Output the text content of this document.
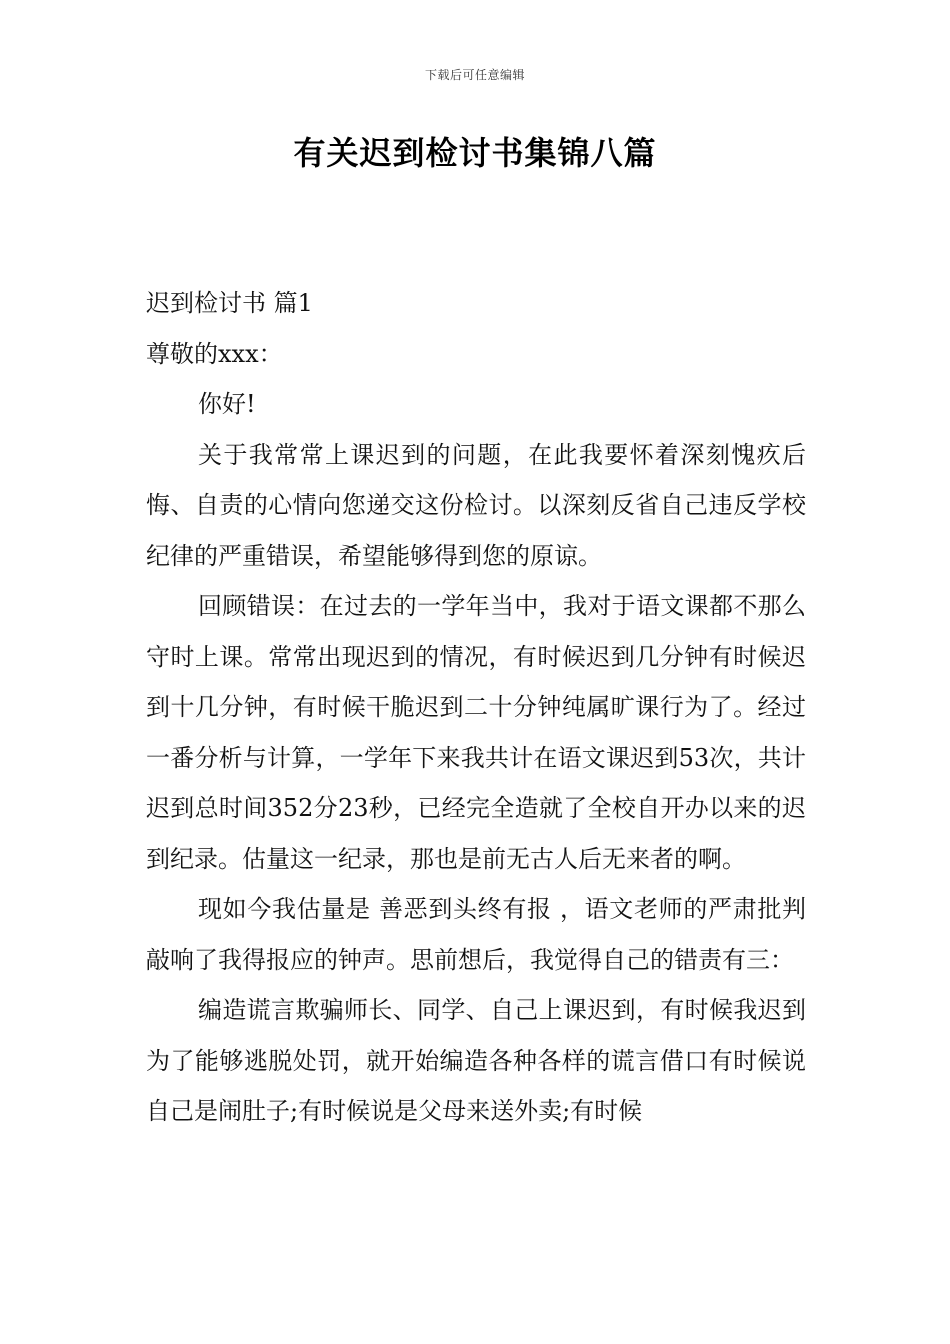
下载后可任意编辑
有关迟到检讨书集锦八篇

迟到检讨书 篇1

尊敬的xxx：

你好!

关于我常常上课迟到的问题，在此我要怀着深刻愧疚后悔、自责的心情向您递交这份检讨。以深刻反省自己违反学校纪律的严重错误，希望能够得到您的原谅。

回顾错误：在过去的一学年当中，我对于语文课都不那么守时上课。常常出现迟到的情况，有时候迟到几分钟有时候迟到十几分钟，有时候干脆迟到二十分钟纯属旷课行为了。经过一番分析与计算，一学年下来我共计在语文课迟到53次，共计迟到总时间352分23秒，已经完全造就了全校自开办以来的迟到纪录。估量这一纪录，那也是前无古人后无来者的啊。

现如今我估量是 善恶到头终有报 ，语文老师的严肃批判敲响了我得报应的钟声。思前想后，我觉得自己的错责有三：

编造谎言欺骗师长、同学、自己上课迟到，有时候我迟到为了能够逃脱处罚，就开始编造各种各样的谎言借口有时候说自己是闹肚子;有时候说是父母来送外卖;有时候
